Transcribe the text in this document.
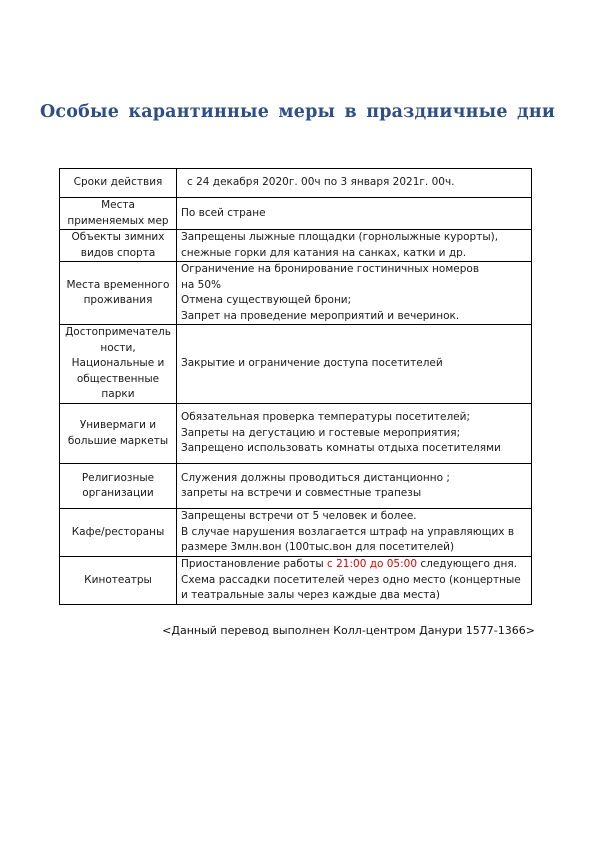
Особые карантинные меры в праздничные дни
Сроки действия	с 24 декабря 2020г. 00ч по 3 января 2021г. 00ч.

Места
применяемых мер	По всей стране

Объекты зимних
видов спорта	Запрещены лыжные площадки (горнолыжные курорты),
снежные горки для катания на санках, катки и др.

Места временного
проживания	Ограничение на бронирование гостиничных номеров
на 50%
Отмена существующей брони;
Запрет на проведение мероприятий и вечеринок.

Достопримечатель
ности,
Национальные и
общественные
парки	Закрытие и ограничение доступа посетителей

Универмаги и
большие маркеты	Обязательная проверка температуры посетителей;
Запреты на дегустацию и гостевые мероприятия;
Запрещено использовать комнаты отдыха посетителями

Религиозные
организации	Служения должны проводиться дистанционно ;
запреты на встречи и совместные трапезы

Кафе/рестораны	Запрещены встречи от 5 человек и более.
В случае нарушения возлагается штраф на управляющих в
размере 3млн.вон (100тыс.вон для посетителей)

Кинотеатры	Приостановление работы с 21:00 до 05:00 следующего дня.
Схема рассадки посетителей через одно место (концертные
и театральные залы через каждые два места)
<Данный перевод выполнен Колл-центром Данури 1577-1366>
